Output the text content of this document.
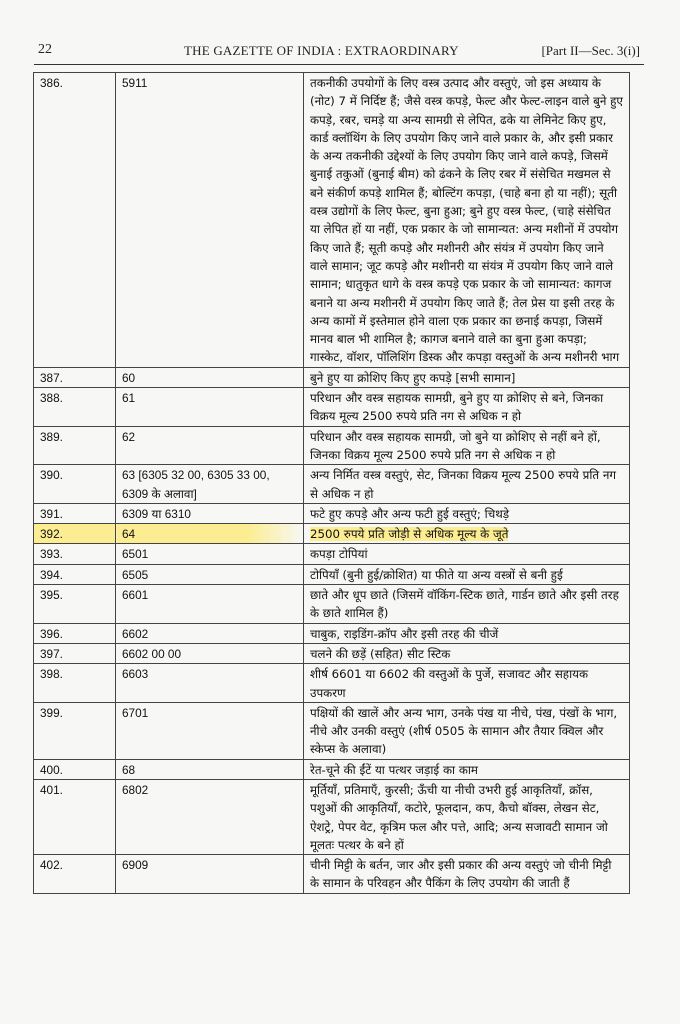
22	THE GAZETTE OF INDIA : EXTRAORDINARY	[Part II—Sec. 3(i)]
386.	5911	तकनीकी उपयोगों के लिए वस्त्र उत्पाद और वस्तुएं, जो इस अध्याय के (नोट) 7 में निर्दिष्ट हैं; जैसे वस्त्र कपड़े, फेल्ट और फेल्ट-लाइन वाले बुने हुए कपड़े, रबर, चमड़े या अन्य सामग्री से लेपित, ढके या लेमिनेट किए हुए, कार्ड क्लॉथिंग के लिए उपयोग किए जाने वाले प्रकार के, और इसी प्रकार के अन्य तकनीकी उद्देश्यों के लिए उपयोग किए जाने वाले कपड़े, जिसमें बुनाई तकुओं (बुनाई बीम) को ढंकने के लिए रबर में संसेचित मखमल से बने संकीर्ण कपड़े शामिल हैं; बोल्टिंग कपड़ा, (चाहे बना हो या नहीं); सूती वस्त्र उद्योगों के लिए फेल्ट, बुना हुआ; बुने हुए वस्त्र फेल्ट, (चाहे संसेचित या लेपित हों या नहीं, एक प्रकार के जो सामान्यत: अन्य मशीनों में उपयोग किए जाते हैं; सूती कपड़े और मशीनरी और संयंत्र में उपयोग किए जाने वाले सामान; जूट कपड़े और मशीनरी या संयंत्र में उपयोग किए जाने वाले सामान; धातुकृत धागे के वस्त्र कपड़े एक प्रकार के जो सामान्यत: कागज बनाने या अन्य मशीनरी में उपयोग किए जाते हैं; तेल प्रेस या इसी तरह के अन्य कामों में इस्तेमाल होने वाला एक प्रकार का छनाई कपड़ा, जिसमें मानव बाल भी शामिल है; कागज बनाने वाले का बुना हुआ कपड़ा; गास्केट, वॉशर, पॉलिशिंग डिस्क और कपड़ा वस्तुओं के अन्य मशीनरी भाग
387.	60	बुने हुए या क्रोशिए किए हुए कपड़े [सभी सामान]
388.	61	परिधान और वस्त्र सहायक सामग्री, बुने हुए या क्रोशिए से बने, जिनका विक्रय मूल्य 2500 रुपये प्रति नग से अधिक न हो
389.	62	परिधान और वस्त्र सहायक सामग्री, जो बुने या क्रोशिए से नहीं बने हों, जिनका विक्रय मूल्य 2500 रुपये प्रति नग से अधिक न हो
390.	63 [6305 32 00, 6305 33 00, 6309 के अलावा]	अन्य निर्मित वस्त्र वस्तुएं, सेट, जिनका विक्रय मूल्य 2500 रुपये प्रति नग से अधिक न हो
391.	6309 या 6310	फटे हुए कपड़े और अन्य फटी हुई वस्तुएं; चिथड़े
392.	64	2500 रुपये प्रति जोड़ी से अधिक मूल्य के जूते
393.	6501	कपड़ा टोपियां
394.	6505	टोपियाँ (बुनी हुई/क्रोशित) या फीते या अन्य वस्त्रों से बनी हुई
395.	6601	छाते और धूप छाते (जिसमें वॉकिंग-स्टिक छाते, गार्डन छाते और इसी तरह के छाते शामिल हैं)
396.	6602	चाबुक, राइडिंग-क्रॉप और इसी तरह की चीजें
397.	6602 00 00	चलने की छड़ें (सहित) सीट स्टिक
398.	6603	शीर्ष 6601 या 6602 की वस्तुओं के पुर्जे, सजावट और सहायक उपकरण
399.	6701	पक्षियों की खालें और अन्य भाग, उनके पंख या नीचे, पंख, पंखों के भाग, नीचे और उनकी वस्तुएं (शीर्ष 0505 के सामान और तैयार क्विल और स्केप्स के अलावा)
400.	68	रेत-चूने की ईंटें या पत्थर जड़ाई का काम
401.	6802	मूर्तियाँ, प्रतिमाएँ, कुरसी; ऊँची या नीची उभरी हुई आकृतियाँ, क्रॉस, पशुओं की आकृतियाँ, कटोरे, फूलदान, कप, कैचो बॉक्स, लेखन सेट, ऐशट्रे, पेपर वेट, कृत्रिम फल और पत्ते, आदि; अन्य सजावटी सामान जो मूलतः पत्थर के बने हों
402.	6909	चीनी मिट्टी के बर्तन, जार और इसी प्रकार की अन्य वस्तुएं जो चीनी मिट्टी के सामान के परिवहन और पैकिंग के लिए उपयोग की जाती हैं
